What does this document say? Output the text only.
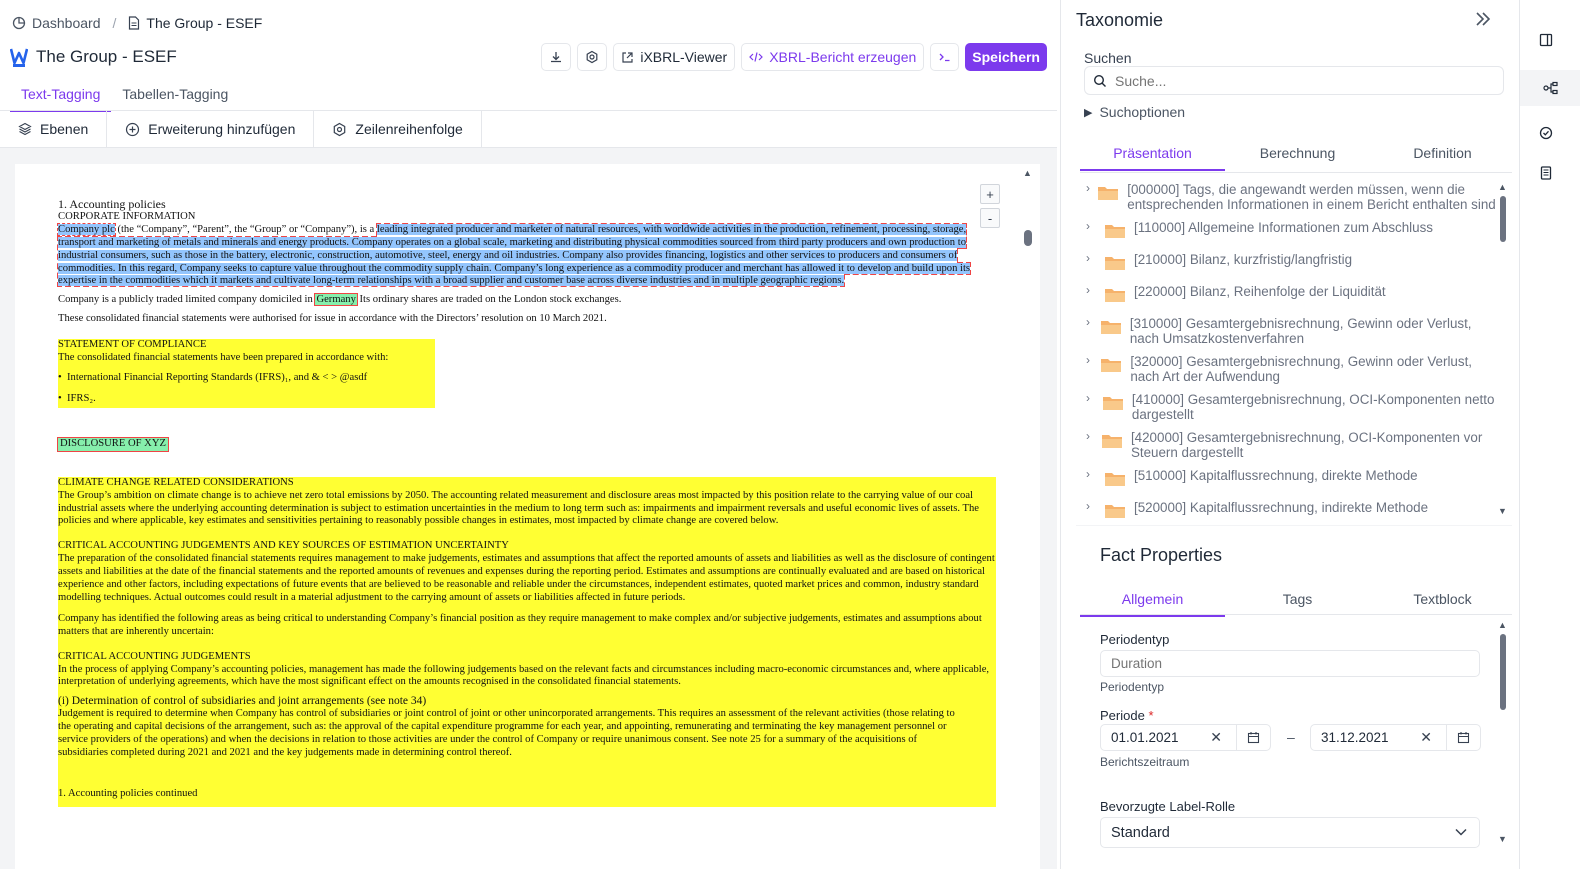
Dashboard / The Group - ESEF
The Group - ESEF	iXBRL-Viewer	XBRL-Bericht erzeugen	Speichern
Text-Tagging	Tabellen-Tagging
Ebenen	Erweiterung hinzufügen	Zeilenreihenfolge
+
-

1. Accounting policies

CORPORATE INFORMATION

Company plc (the “Company”, “Parent”, the “Group” or “Company”), is a leading integrated producer and marketer of natural resources, with worldwide activities in the production, refinement, processing, storage, transport and marketing of metals and minerals and energy products. Company operates on a global scale, marketing and distributing physical commodities sourced from third party producers and own production to industrial consumers, such as those in the battery, electronic, construction, automotive, steel, energy and oil industries. Company also provides financing, logistics and other services to producers and consumers of commodities. In this regard, Company seeks to capture value throughout the commodity supply chain. Company’s long experience as a commodity producer and merchant has allowed it to develop and build upon its expertise in the commodities which it markets and cultivate long-term relationships with a broad supplier and customer base across diverse industries and in multiple geographic regions.

Company is a publicly traded limited company domiciled in Germany Its ordinary shares are traded on the London stock exchanges.

These consolidated financial statements were authorised for issue in accordance with the Directors’ resolution on 10 March 2021.

STATEMENT OF COMPLIANCE

The consolidated financial statements have been prepared in accordance with:

•  International Financial Reporting Standards (IFRS)₁, and & < > @asdf

•  IFRS₂.

DISCLOSURE OF XYZ

CLIMATE CHANGE RELATED CONSIDERATIONS

The Group’s ambition on climate change is to achieve net zero total emissions by 2050. The accounting related measurement and disclosure areas most impacted by this position relate to the carrying value of our coal industrial assets where the underlying accounting determination is subject to estimation uncertainties in the medium to long term such as: impairments and impairment reversals and useful economic lives of assets. The policies and where applicable, key estimates and sensitivities pertaining to reasonably possible changes in estimates, most impacted by climate change are covered below.

CRITICAL ACCOUNTING JUDGEMENTS AND KEY SOURCES OF ESTIMATION UNCERTAINTY

The preparation of the consolidated financial statements requires management to make judgements, estimates and assumptions that affect the reported amounts of assets and liabilities as well as the disclosure of contingent assets and liabilities at the date of the financial statements and the reported amounts of revenues and expenses during the reporting period. Estimates and assumptions are continually evaluated and are based on historical experience and other factors, including expectations of future events that are believed to be reasonable and reliable under the circumstances, independent estimates, quoted market prices and common, industry standard modelling techniques. Actual outcomes could result in a material adjustment to the carrying amount of assets or liabilities affected in future periods.

Company has identified the following areas as being critical to understanding Company’s financial position as they require management to make complex and/or subjective judgements, estimates and assumptions about matters that are inherently uncertain:

CRITICAL ACCOUNTING JUDGEMENTS

In the process of applying Company’s accounting policies, management has made the following judgements based on the relevant facts and circumstances including macro-economic circumstances and, where applicable, interpretation of underlying agreements, which have the most significant effect on the amounts recognised in the consolidated financial statements.

(i) Determination of control of subsidiaries and joint arrangements (see note 34)

Judgement is required to determine when Company has control of subsidiaries or joint control of joint or other unincorporated arrangements. This requires an assessment of the relevant activities (those relating to the operating and capital decisions of the arrangement, such as: the approval of the capital expenditure programme for each year, and appointing, remunerating and terminating the key management personnel or service providers of the operations) and when the decisions in relation to those activities are under the control of Company or require unanimous consent. See note 25 for a summary of the acquisitions of subsidiaries completed during 2021 and 2021 and the key judgements made in determining control thereof.

1. Accounting policies continued

▲
Taxonomie
Suchen
Suche...
▶ Suchoptionen
Präsentation	Berechnung	Definition
›	[000000] Tags, die angewandt werden müssen, wenn die entsprechenden Informationen in einem Bericht enthalten sind
›	[110000] Allgemeine Informationen zum Abschluss
›	[210000] Bilanz, kurzfristig/langfristig
›	[220000] Bilanz, Reihenfolge der Liquidität
›	[310000] Gesamtergebnisrechnung, Gewinn oder Verlust, nach Umsatzkostenverfahren
›	[320000] Gesamtergebnisrechnung, Gewinn oder Verlust, nach Art der Aufwendung
›	[410000] Gesamtergebnisrechnung, OCI-Komponenten netto dargestellt
›	[420000] Gesamtergebnisrechnung, OCI-Komponenten vor Steuern dargestellt
›	[510000] Kapitalflussrechnung, direkte Methode
›	[520000] Kapitalflussrechnung, indirekte Methode
▲
▼
Fact Properties
Allgemein	Tags	Textblock
Periodentyp
Duration
Periodentyp
Periode *
01.01.2021 ✕	– 31.12.2021 ✕
Berichtszeitraum
Bevorzugte Label-Rolle
Standard
▲
▼
